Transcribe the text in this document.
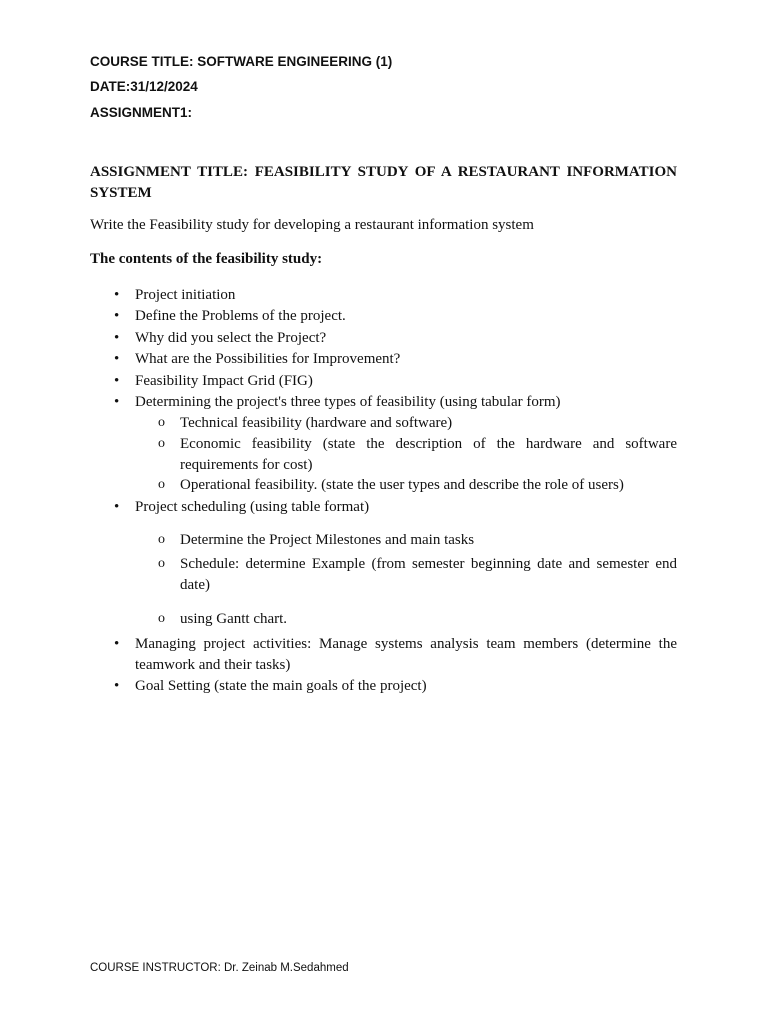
COURSE TITLE: SOFTWARE ENGINEERING (1)
DATE:31/12/2024
ASSIGNMENT1:
ASSIGNMENT TITLE: FEASIBILITY STUDY OF A RESTAURANT INFORMATION SYSTEM
Write the Feasibility study for developing a restaurant information system
The contents of the feasibility study:
• Project initiation

• Define the Problems of the project.

• Why did you select the Project?

• What are the Possibilities for Improvement?

• Feasibility Impact Grid (FIG)

• Determining the project's three types of feasibility (using tabular form)

o Technical feasibility (hardware and software)

o Economic feasibility (state the description of the hardware and software requirements for cost)

o Operational feasibility. (state the user types and describe the role of users)

• Project scheduling (using table format)

o Determine the Project Milestones and main tasks

o Schedule: determine Example (from semester beginning date and semester end date)

o using Gantt chart.

• Managing project activities: Manage systems analysis team members (determine the teamwork and their tasks)

• Goal Setting (state the main goals of the project)

COURSE INSTRUCTOR: Dr. Zeinab M.Sedahmed
